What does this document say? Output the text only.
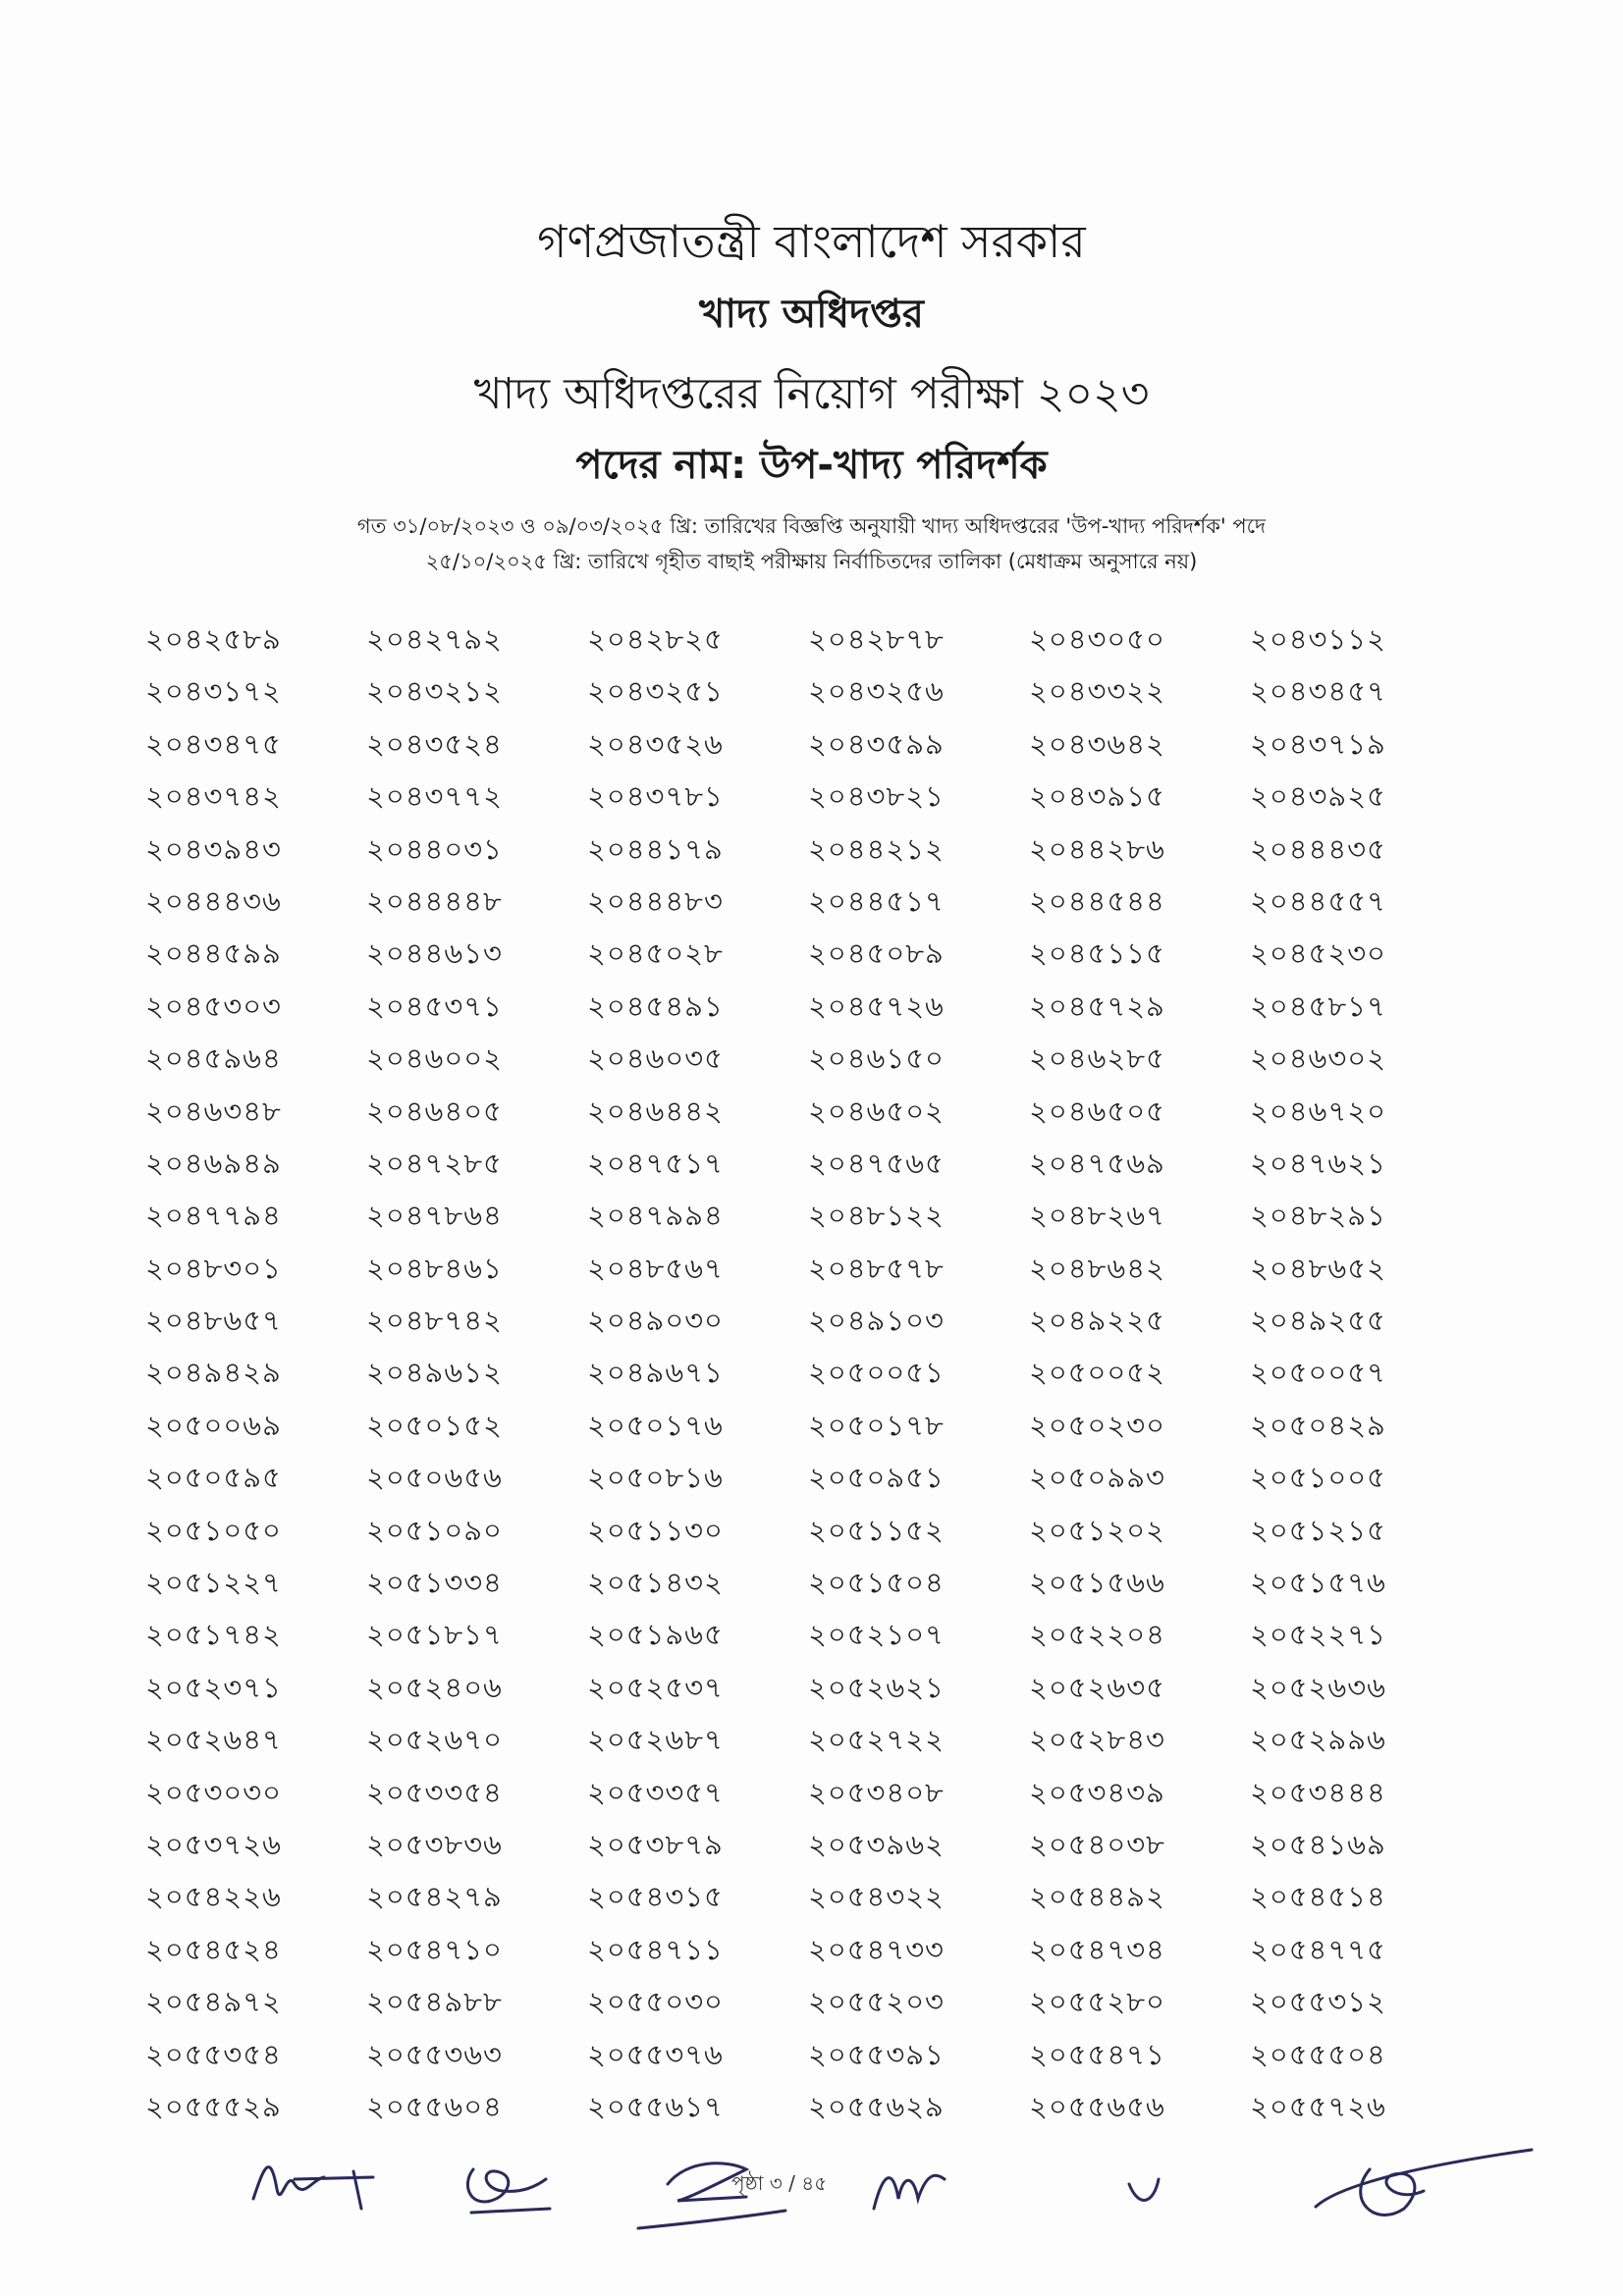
গণপ্রজাতন্ত্রী বাংলাদেশ সরকার
খাদ্য অধিদপ্তর
খাদ্য অধিদপ্তরের নিয়োগ পরীক্ষা ২০২৩
পদের নাম: উপ-খাদ্য পরিদর্শক
গত ৩১/০৮/২০২৩ ও ০৯/০৩/২০২৫ খ্রি: তারিখের বিজ্ঞপ্তি অনুযায়ী খাদ্য অধিদপ্তরের 'উপ-খাদ্য পরিদর্শক' পদে
২৫/১০/২০২৫ খ্রি: তারিখে গৃহীত বাছাই পরীক্ষায় নির্বাচিতদের তালিকা (মেধাক্রম অনুসারে নয়)
২০৪২৫৮৯	২০৪২৭৯২	২০৪২৮২৫	২০৪২৮৭৮	২০৪৩০৫০	২০৪৩১১২
২০৪৩১৭২	২০৪৩২১২	২০৪৩২৫১	২০৪৩২৫৬	২০৪৩৩২২	২০৪৩৪৫৭
২০৪৩৪৭৫	২০৪৩৫২৪	২০৪৩৫২৬	২০৪৩৫৯৯	২০৪৩৬৪২	২০৪৩৭১৯
২০৪৩৭৪২	২০৪৩৭৭২	২০৪৩৭৮১	২০৪৩৮২১	২০৪৩৯১৫	২০৪৩৯২৫
২০৪৩৯৪৩	২০৪৪০৩১	২০৪৪১৭৯	২০৪৪২১২	২০৪৪২৮৬	২০৪৪৪৩৫
২০৪৪৪৩৬	২০৪৪৪৪৮	২০৪৪৪৮৩	২০৪৪৫১৭	২০৪৪৫৪৪	২০৪৪৫৫৭
২০৪৪৫৯৯	২০৪৪৬১৩	২০৪৫০২৮	২০৪৫০৮৯	২০৪৫১১৫	২০৪৫২৩০
২০৪৫৩০৩	২০৪৫৩৭১	২০৪৫৪৯১	২০৪৫৭২৬	২০৪৫৭২৯	২০৪৫৮১৭
২০৪৫৯৬৪	২০৪৬০০২	২০৪৬০৩৫	২০৪৬১৫০	২০৪৬২৮৫	২০৪৬৩০২
২০৪৬৩৪৮	২০৪৬৪০৫	২০৪৬৪৪২	২০৪৬৫০২	২০৪৬৫০৫	২০৪৬৭২০
২০৪৬৯৪৯	২০৪৭২৮৫	২০৪৭৫১৭	২০৪৭৫৬৫	২০৪৭৫৬৯	২০৪৭৬২১
২০৪৭৭৯৪	২০৪৭৮৬৪	২০৪৭৯৯৪	২০৪৮১২২	২০৪৮২৬৭	২০৪৮২৯১
২০৪৮৩০১	২০৪৮৪৬১	২০৪৮৫৬৭	২০৪৮৫৭৮	২০৪৮৬৪২	২০৪৮৬৫২
২০৪৮৬৫৭	২০৪৮৭৪২	২০৪৯০৩০	২০৪৯১০৩	২০৪৯২২৫	২০৪৯২৫৫
২০৪৯৪২৯	২০৪৯৬১২	২০৪৯৬৭১	২০৫০০৫১	২০৫০০৫২	২০৫০০৫৭
২০৫০০৬৯	২০৫০১৫২	২০৫০১৭৬	২০৫০১৭৮	২০৫০২৩০	২০৫০৪২৯
২০৫০৫৯৫	২০৫০৬৫৬	২০৫০৮১৬	২০৫০৯৫১	২০৫০৯৯৩	২০৫১০০৫
২০৫১০৫০	২০৫১০৯০	২০৫১১৩০	২০৫১১৫২	২০৫১২০২	২০৫১২১৫
২০৫১২২৭	২০৫১৩৩৪	২০৫১৪৩২	২০৫১৫০৪	২০৫১৫৬৬	২০৫১৫৭৬
২০৫১৭৪২	২০৫১৮১৭	২০৫১৯৬৫	২০৫২১০৭	২০৫২২০৪	২০৫২২৭১
২০৫২৩৭১	২০৫২৪০৬	২০৫২৫৩৭	২০৫২৬২১	২০৫২৬৩৫	২০৫২৬৩৬
২০৫২৬৪৭	২০৫২৬৭০	২০৫২৬৮৭	২০৫২৭২২	২০৫২৮৪৩	২০৫২৯৯৬
২০৫৩০৩০	২০৫৩৩৫৪	২০৫৩৩৫৭	২০৫৩৪০৮	২০৫৩৪৩৯	২০৫৩৪৪৪
২০৫৩৭২৬	২০৫৩৮৩৬	২০৫৩৮৭৯	২০৫৩৯৬২	২০৫৪০৩৮	২০৫৪১৬৯
২০৫৪২২৬	২০৫৪২৭৯	২০৫৪৩১৫	২০৫৪৩২২	২০৫৪৪৯২	২০৫৪৫১৪
২০৫৪৫২৪	২০৫৪৭১০	২০৫৪৭১১	২০৫৪৭৩৩	২০৫৪৭৩৪	২০৫৪৭৭৫
২০৫৪৯৭২	২০৫৪৯৮৮	২০৫৫০৩০	২০৫৫২০৩	২০৫৫২৮০	২০৫৫৩১২
২০৫৫৩৫৪	২০৫৫৩৬৩	২০৫৫৩৭৬	২০৫৫৩৯১	২০৫৫৪৭১	২০৫৫৫০৪
২০৫৫৫২৯	২০৫৫৬০৪	২০৫৫৬১৭	২০৫৫৬২৯	২০৫৫৬৫৬	২০৫৫৭২৬
পৃষ্ঠা ৩ / ৪৫
